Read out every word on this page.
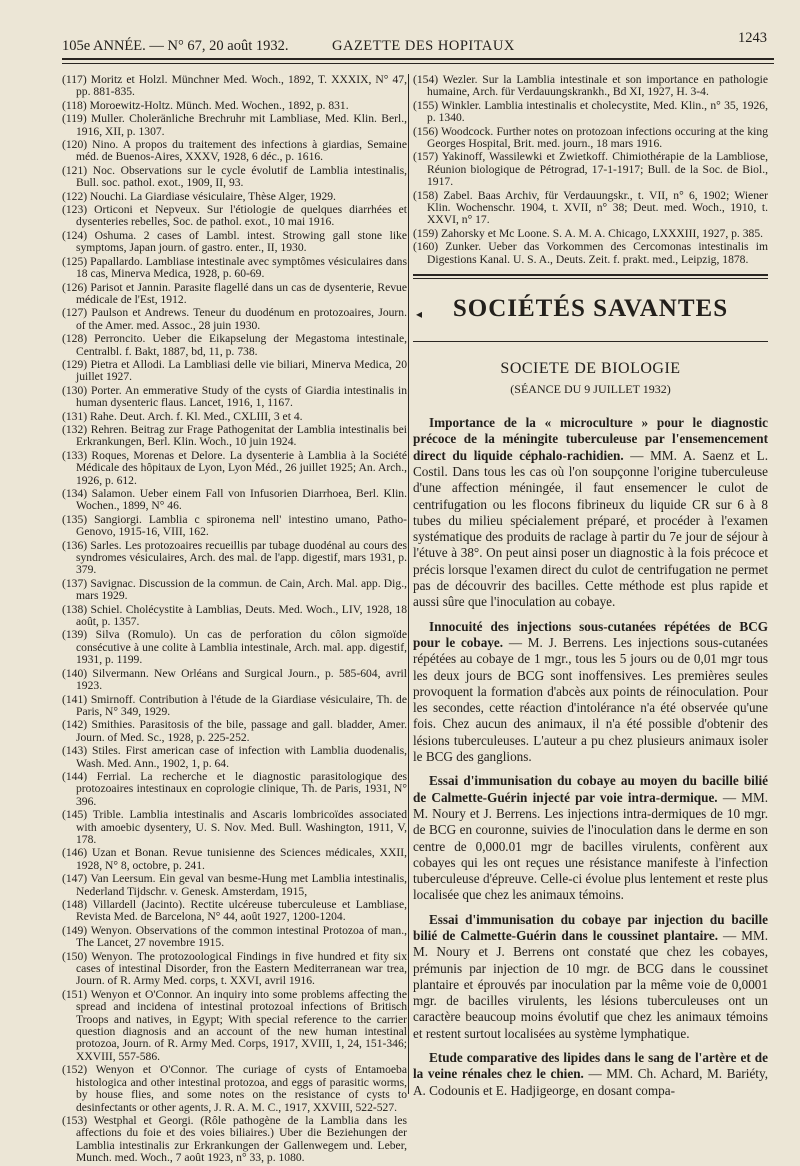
105e ANNÉE. — N° 67, 20 août 1932.	GAZETTE DES HOPITAUX	1243

(117) Moritz et Holzl. Münchner Med. Woch., 1892, T. XXXIX, N° 47, pp. 881-835.

(118) Moroewitz-Holtz. Münch. Med. Wochen., 1892, p. 831.

(119) Muller. Choleränliche Brechruhr mit Lambliase, Med. Klin. Berl., 1916, XII, p. 1307.

(120) Nino. A propos du traitement des infections à giardias, Semaine méd. de Buenos-Aires, XXXV, 1928, 6 déc., p. 1616.

(121) Noc. Observations sur le cycle évolutif de Lamblia intestinalis, Bull. soc. pathol. exot., 1909, II, 93.

(122) Nouchi. La Giardiase vésiculaire, Thèse Alger, 1929.

(123) Orticoni et Nepveux. Sur l'étiologie de quelques diarrhées et dysenteries rebelles, Soc. de pathol. exot., 10 mai 1916.

(124) Oshuma. 2 cases of Lambl. intest. Strowing gall stone like symptoms, Japan journ. of gastro. enter., II, 1930.

(125) Papallardo. Lambliase intestinale avec symptômes vésiculaires dans 18 cas, Minerva Medica, 1928, p. 60-69.

(126) Parisot et Jannin. Parasite flagellé dans un cas de dysenterie, Revue médicale de l'Est, 1912.

(127) Paulson et Andrews. Teneur du duodénum en protozoaires, Journ. of the Amer. med. Assoc., 28 juin 1930.

(128) Perroncito. Ueber die Eikapselung der Megastoma intestinale, Centralbl. f. Bakt, 1887, bd, 11, p. 738.

(129) Pietra et Allodi. La Lambliasi delle vie biliari, Minerva Medica, 20 juillet 1927.

(130) Porter. An emmerative Study of the cysts of Giardia intestinalis in human dysenteric flaus. Lancet, 1916, 1, 1167.

(131) Rahe. Deut. Arch. f. Kl. Med., CXLIII, 3 et 4.

(132) Rehren. Beitrag zur Frage Pathogenitat der Lamblia intestinalis bei Erkrankungen, Berl. Klin. Woch., 10 juin 1924.

(133) Roques, Morenas et Delore. La dysenterie à Lamblia à la Société Médicale des hôpitaux de Lyon, Lyon Méd., 26 juillet 1925; An. Arch., 1926, p. 612.

(134) Salamon. Ueber einem Fall von Infusorien Diarrhoea, Berl. Klin. Wochen., 1899, N° 46.

(135) Sangiorgi. Lamblia c spironema nell' intestino umano, Patho-Genovo, 1915-16, VIII, 162.

(136) Sarles. Les protozoaires recueillis par tubage duodénal au cours des syndromes vésiculaires, Arch. des mal. de l'app. digestif, mars 1931, p. 379.

(137) Savignac. Discussion de la commun. de Cain, Arch. Mal. app. Dig., mars 1929.

(138) Schiel. Cholécystite à Lamblias, Deuts. Med. Woch., LIV, 1928, 18 août, p. 1357.

(139) Silva (Romulo). Un cas de perforation du côlon sigmoïde consécutive à une colite à Lamblia intestinale, Arch. mal. app. digestif, 1931, p. 1199.

(140) Silvermann. New Orléans and Surgical Journ., p. 585-604, avril 1923.

(141) Smirnoff. Contribution à l'étude de la Giardiase vésiculaire, Th. de Paris, N° 349, 1929.

(142) Smithies. Parasitosis of the bile, passage and gall. bladder, Amer. Journ. of Med. Sc., 1928, p. 225-252.

(143) Stiles. First american case of infection with Lamblia duodenalis, Wash. Med. Ann., 1902, 1, p. 64.

(144) Ferrial. La recherche et le diagnostic parasitologique des protozoaires intestinaux en coprologie clinique, Th. de Paris, 1931, N° 396.

(145) Trible. Lamblia intestinalis and Ascaris lombricoïdes associated with amoebic dysentery, U. S. Nov. Med. Bull. Washington, 1911, V, 178.

(146) Uzan et Bonan. Revue tunisienne des Sciences médicales, XXII, 1928, N° 8, octobre, p. 241.

(147) Van Leersum. Ein geval van besme-Hung met Lamblia intestinalis, Nederland Tijdschr. v. Genesk. Amsterdam, 1915,

(148) Villardell (Jacinto). Rectite ulcéreuse tuberculeuse et Lambliase, Revista Med. de Barcelona, N° 44, août 1927, 1200-1204.

(149) Wenyon. Observations of the common intestinal Protozoa of man., The Lancet, 27 novembre 1915.

(150) Wenyon. The protozoological Findings in five hundred et fity six cases of intestinal Disorder, fron the Eastern Mediterranean war trea, Journ. of R. Army Med. corps, t. XXVI, avril 1916.

(151) Wenyon et O'Connor. An inquiry into some problems affecting the spread and incidena of intestinal protozoal infections of Britisch Troops and natives, in Egypt; With special reference to the carrier question diagnosis and an account of the new human intestinal protozoa, Journ. of R. Army Med. Corps, 1917, XVIII, 1, 24, 151-346; XXVIII, 557-586.

(152) Wenyon et O'Connor. The curiage of cysts of Entamoeba histologica and other intestinal protozoa, and eggs of parasitic worms, by house flies, and some notes on the resistance of cysts to desinfectants or other agents, J. R. A. M. C., 1917, XXVIII, 522-527.

(153) Westphal et Georgi. (Rôle pathogène de la Lamblia dans les affections du foie et des voies biliaires.) Uber die Beziehungen der Lamblia intestinalis zur Erkrankungen der Gallenwegem und. Leber, Munch. med. Woch., 7 août 1923, n° 33, p. 1080.

(154) Wezler. Sur la Lamblia intestinale et son importance en pathologie humaine, Arch. für Verdauungskrankh., Bd XI, 1927, H. 3-4.

(155) Winkler. Lamblia intestinalis et cholecystite, Med. Klin., n° 35, 1926, p. 1340.

(156) Woodcock. Further notes on protozoan infections occuring at the king Georges Hospital, Brit. med. journ., 18 mars 1916.

(157) Yakinoff, Wassilewki et Zwietkoff. Chimiothérapie de la Lambliose, Réunion biologique de Pétrograd, 17-1-1917; Bull. de la Soc. de Biol., 1917.

(158) Zabel. Baas Archiv, für Verdauungskr., t. VII, n° 6, 1902; Wiener Klin. Wochenschr. 1904, t. XVII, n° 38; Deut. med. Woch., 1910, t. XXVI, n° 17.

(159) Zahorsky et Mc Loone. S. A. M. A. Chicago, LXXXIII, 1927, p. 385.

(160) Zunker. Ueber das Vorkommen des Cercomonas intestinalis im Digestions Kanal. U. S. A., Deuts. Zeit. f. prakt. med., Leipzig, 1878.

◂	SOCIÉTÉS SAVANTES
SOCIETE DE BIOLOGIE
(SÉANCE DU 9 JUILLET 1932)

Importance de la « microculture » pour le diagnostic précoce de la méningite tuberculeuse par l'ensemencement direct du liquide céphalo-rachidien. — MM. A. Saenz et L. Costil. Dans tous les cas où l'on soupçonne l'origine tuberculeuse d'une affection méningée, il faut ensemencer le culot de centrifugation ou les flocons fibrineux du liquide CR sur 6 à 8 tubes du milieu spécialement préparé, et procéder à l'examen systématique des produits de raclage à partir du 7e jour de séjour à l'étuve à 38°. On peut ainsi poser un diagnostic à la fois précoce et précis lorsque l'examen direct du culot de centrifugation ne permet pas de découvrir des bacilles. Cette méthode est plus rapide et aussi sûre que l'inoculation au cobaye.

Innocuité des injections sous-cutanées répétées de BCG pour le cobaye. — M. J. Berrens. Les injections sous-cutanées répétées au cobaye de 1 mgr., tous les 5 jours ou de 0,01 mgr tous les deux jours de BCG sont inoffensives. Les premières seules provoquent la formation d'abcès aux points de réinoculation. Pour les secondes, cette réaction d'intolérance n'a été observée qu'une fois. Chez aucun des animaux, il n'a été possible d'obtenir des lésions tuberculeuses. L'auteur a pu chez plusieurs animaux isoler le BCG des ganglions.

Essai d'immunisation du cobaye au moyen du bacille bilié de Calmette-Guérin injecté par voie intra-dermique. — MM. M. Noury et J. Berrens. Les injections intra-dermiques de 10 mgr. de BCG en couronne, suivies de l'inoculation dans le derme en son centre de 0,000.01 mgr de bacilles virulents, confèrent aux cobayes qui les ont reçues une résistance manifeste à l'infection tuberculeuse d'épreuve. Celle-ci évolue plus lentement et reste plus localisée que chez les animaux témoins.

Essai d'immunisation du cobaye par injection du bacille bilié de Calmette-Guérin dans le coussinet plantaire. — MM. M. Noury et J. Berrens ont constaté que chez les cobayes, prémunis par injection de 10 mgr. de BCG dans le coussinet plantaire et éprouvés par inoculation par la même voie de 0,0001 mgr. de bacilles virulents, les lésions tuberculeuses ont un caractère beaucoup moins évolutif que chez les animaux témoins et restent surtout localisées au système lymphatique.

Etude comparative des lipides dans le sang de l'artère et de la veine rénales chez le chien. — MM. Ch. Achard, M. Bariéty, A. Codounis et E. Hadjigeorge, en dosant compa-
